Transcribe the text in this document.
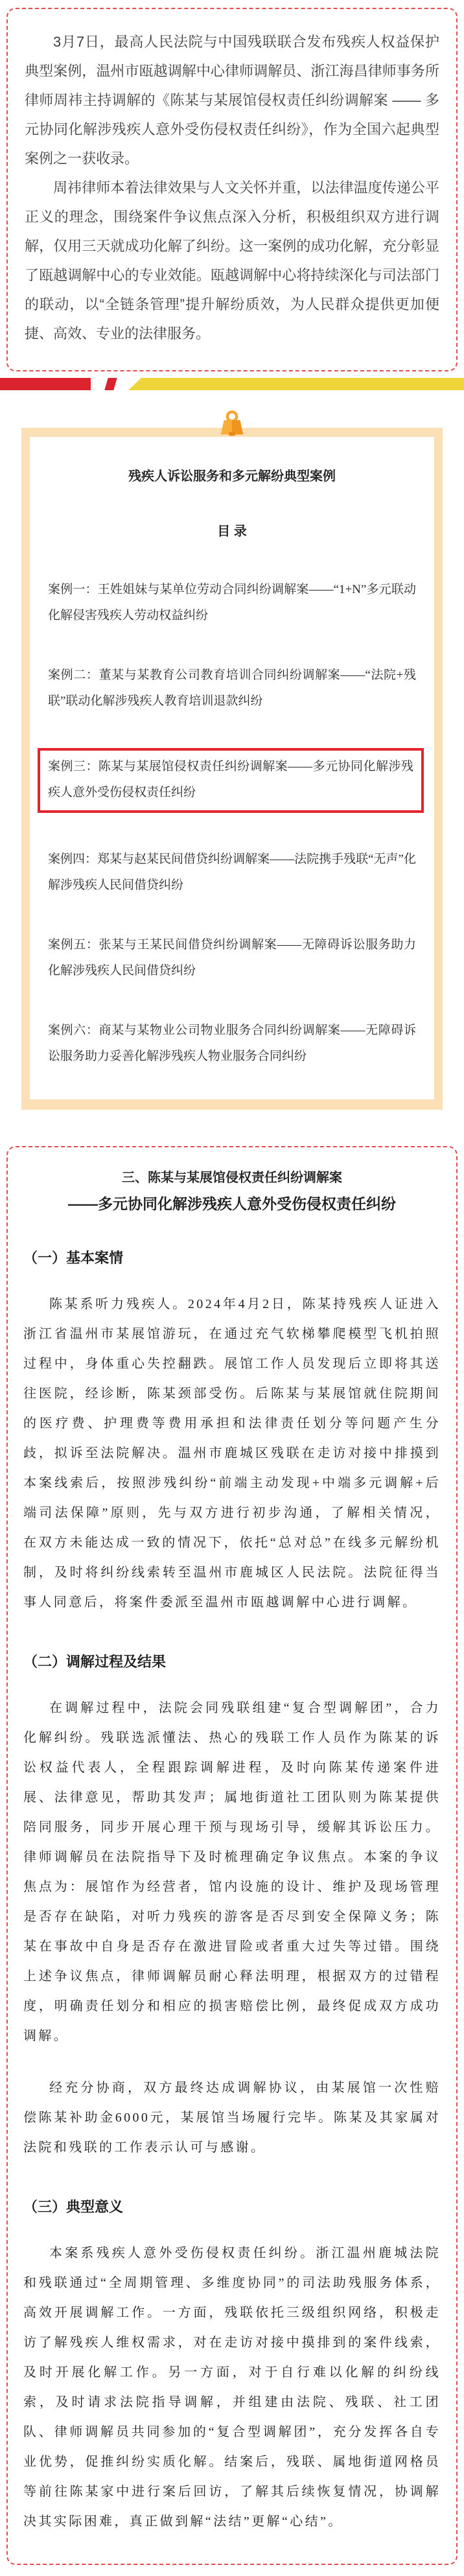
3月7日，最高人民法院与中国残联联合发布残疾人权益保护典型案例，温州市瓯越调解中心律师调解员、浙江海昌律师事务所律师周祎主持调解的《陈某与某展馆侵权责任纠纷调解案 —— 多元协同化解涉残疾人意外受伤侵权责任纠纷》，作为全国六起典型案例之一获收录。

周祎律师本着法律效果与人文关怀并重，以法律温度传递公平正义的理念，围绕案件争议焦点深入分析，积极组织双方进行调解，仅用三天就成功化解了纠纷。这一案例的成功化解，充分彰显了瓯越调解中心的专业效能。瓯越调解中心将持续深化与司法部门的联动，以“全链条管理”提升解纷质效，为人民群众提供更加便捷、高效、专业的法律服务。

残疾人诉讼服务和多元解纷典型案例
目 录
案例一：王姓姐妹与某单位劳动合同纠纷调解案——“1+N”多元联动化解侵害残疾人劳动权益纠纷
案例二：董某与某教育公司教育培训合同纠纷调解案——“法院+残联”联动化解涉残疾人教育培训退款纠纷
案例三：陈某与某展馆侵权责任纠纷调解案——多元协同化解涉残疾人意外受伤侵权责任纠纷
案例四：郑某与赵某民间借贷纠纷调解案——法院携手残联“无声”化解涉残疾人民间借贷纠纷
案例五：张某与王某民间借贷纠纷调解案——无障碍诉讼服务助力化解涉残疾人民间借贷纠纷
案例六：商某与某物业公司物业服务合同纠纷调解案——无障碍诉讼服务助力妥善化解涉残疾人物业服务合同纠纷
三、陈某与某展馆侵权责任纠纷调解案
——多元协同化解涉残疾人意外受伤侵权责任纠纷
（一）基本案情

陈某系听力残疾人。2024年4月2日，陈某持残疾人证进入浙江省温州市某展馆游玩，在通过充气软梯攀爬模型飞机拍照过程中，身体重心失控翻跌。展馆工作人员发现后立即将其送往医院，经诊断，陈某颈部受伤。后陈某与某展馆就住院期间的医疗费、护理费等费用承担和法律责任划分等问题产生分歧，拟诉至法院解决。温州市鹿城区残联在走访对接中排摸到本案线索后，按照涉残纠纷“前端主动发现+中端多元调解+后端司法保障”原则，先与双方进行初步沟通，了解相关情况，在双方未能达成一致的情况下，依托“总对总”在线多元解纷机制，及时将纠纷线索转至温州市鹿城区人民法院。法院征得当事人同意后，将案件委派至温州市瓯越调解中心进行调解。

（二）调解过程及结果

在调解过程中，法院会同残联组建“复合型调解团”，合力化解纠纷。残联选派懂法、热心的残联工作人员作为陈某的诉讼权益代表人，全程跟踪调解进程，及时向陈某传递案件进展、法律意见，帮助其发声；属地街道社工团队则为陈某提供陪同服务，同步开展心理干预与现场引导，缓解其诉讼压力。律师调解员在法院指导下及时梳理确定争议焦点。本案的争议焦点为：展馆作为经营者，馆内设施的设计、维护及现场管理是否存在缺陷，对听力残疾的游客是否尽到安全保障义务；陈某在事故中自身是否存在激进冒险或者重大过失等过错。围绕上述争议焦点，律师调解员耐心释法明理，根据双方的过错程度，明确责任划分和相应的损害赔偿比例，最终促成双方成功调解。

经充分协商，双方最终达成调解协议，由某展馆一次性赔偿陈某补助金6000元，某展馆当场履行完毕。陈某及其家属对法院和残联的工作表示认可与感谢。

（三）典型意义

本案系残疾人意外受伤侵权责任纠纷。浙江温州鹿城法院和残联通过“全周期管理、多维度协同”的司法助残服务体系，高效开展调解工作。一方面，残联依托三级组织网络，积极走访了解残疾人维权需求，对在走访对接中摸排到的案件线索，及时开展化解工作。另一方面，对于自行难以化解的纠纷线索，及时请求法院指导调解，并组建由法院、残联、社工团队、律师调解员共同参加的“复合型调解团”，充分发挥各自专业优势，促推纠纷实质化解。结案后，残联、属地街道网格员等前往陈某家中进行案后回访，了解其后续恢复情况，协调解决其实际困难，真正做到解“法结”更解“心结”。
